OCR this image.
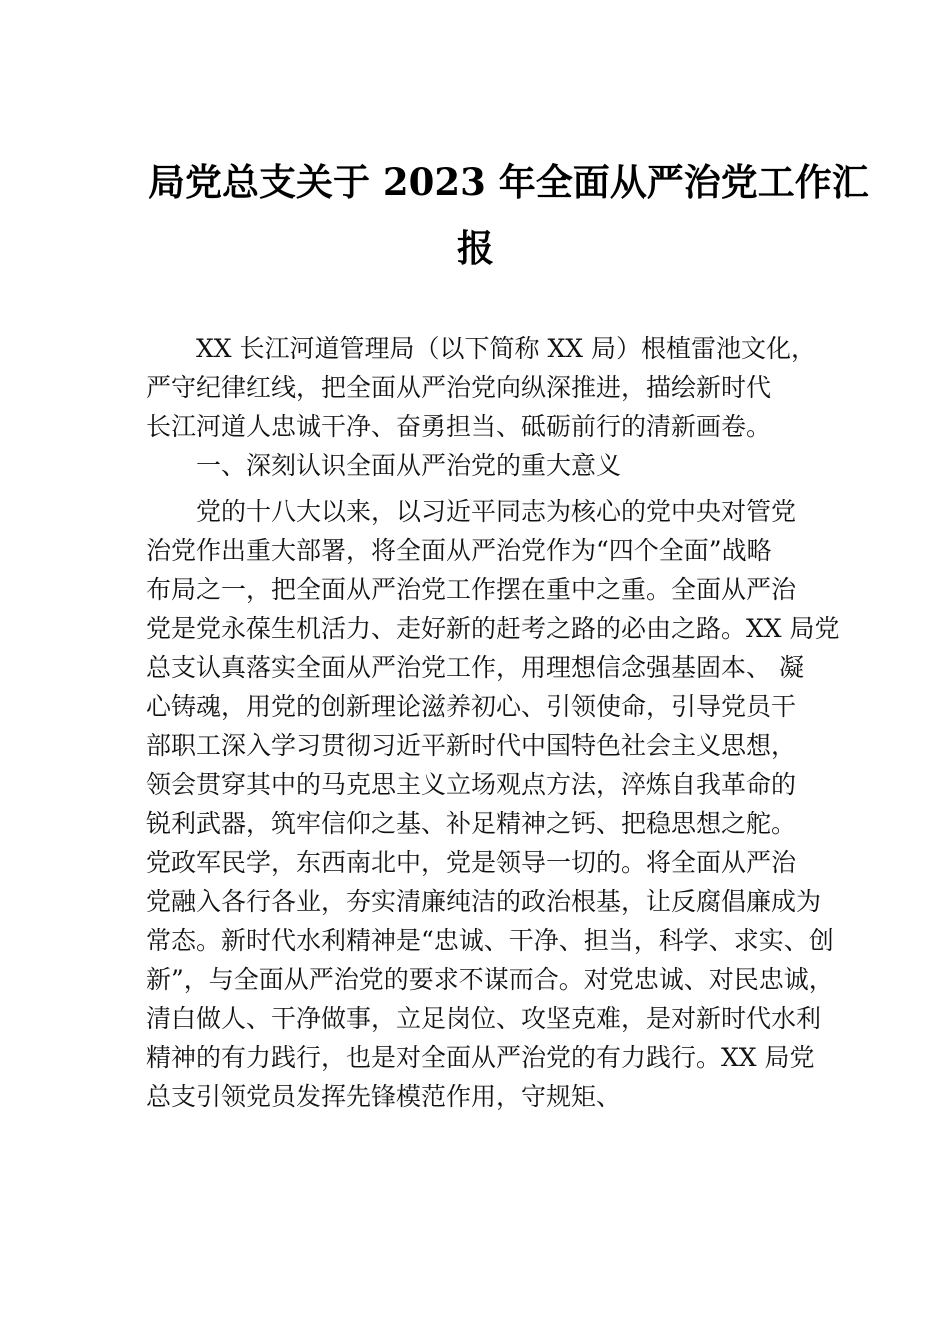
局党总支关于 2023 年全面从严治党工作汇
报
XX 长江河道管理局（以下简称 XX 局）根植雷池文化，
严守纪律红线，把全面从严治党向纵深推进，描绘新时代
长江河道人忠诚干净、奋勇担当、砥砺前行的清新画卷。
一、深刻认识全面从严治党的重大意义
党的十八大以来，以习近平同志为核心的党中央对管党
治党作出重大部署，将全面从严治党作为“四个全面”战略
布局之一，把全面从严治党工作摆在重中之重。全面从严治
党是党永葆生机活力、走好新的赶考之路的必由之路。XX 局党
总支认真落实全面从严治党工作，用理想信念强基固本、 凝
心铸魂，用党的创新理论滋养初心、引领使命，引导党员干
部职工深入学习贯彻习近平新时代中国特色社会主义思想，
领会贯穿其中的马克思主义立场观点方法，淬炼自我革命的
锐利武器，筑牢信仰之基、补足精神之钙、把稳思想之舵。
党政军民学，东西南北中，党是领导一切的。将全面从严治
党融入各行各业，夯实清廉纯洁的政治根基，让反腐倡廉成为
常态。新时代水利精神是“忠诚、干净、担当，科学、求实、创
新”，与全面从严治党的要求不谋而合。对党忠诚、对民忠诚，
清白做人、干净做事，立足岗位、攻坚克难，是对新时代水利
精神的有力践行，也是对全面从严治党的有力践行。XX 局党
总支引领党员发挥先锋模范作用，守规矩、
